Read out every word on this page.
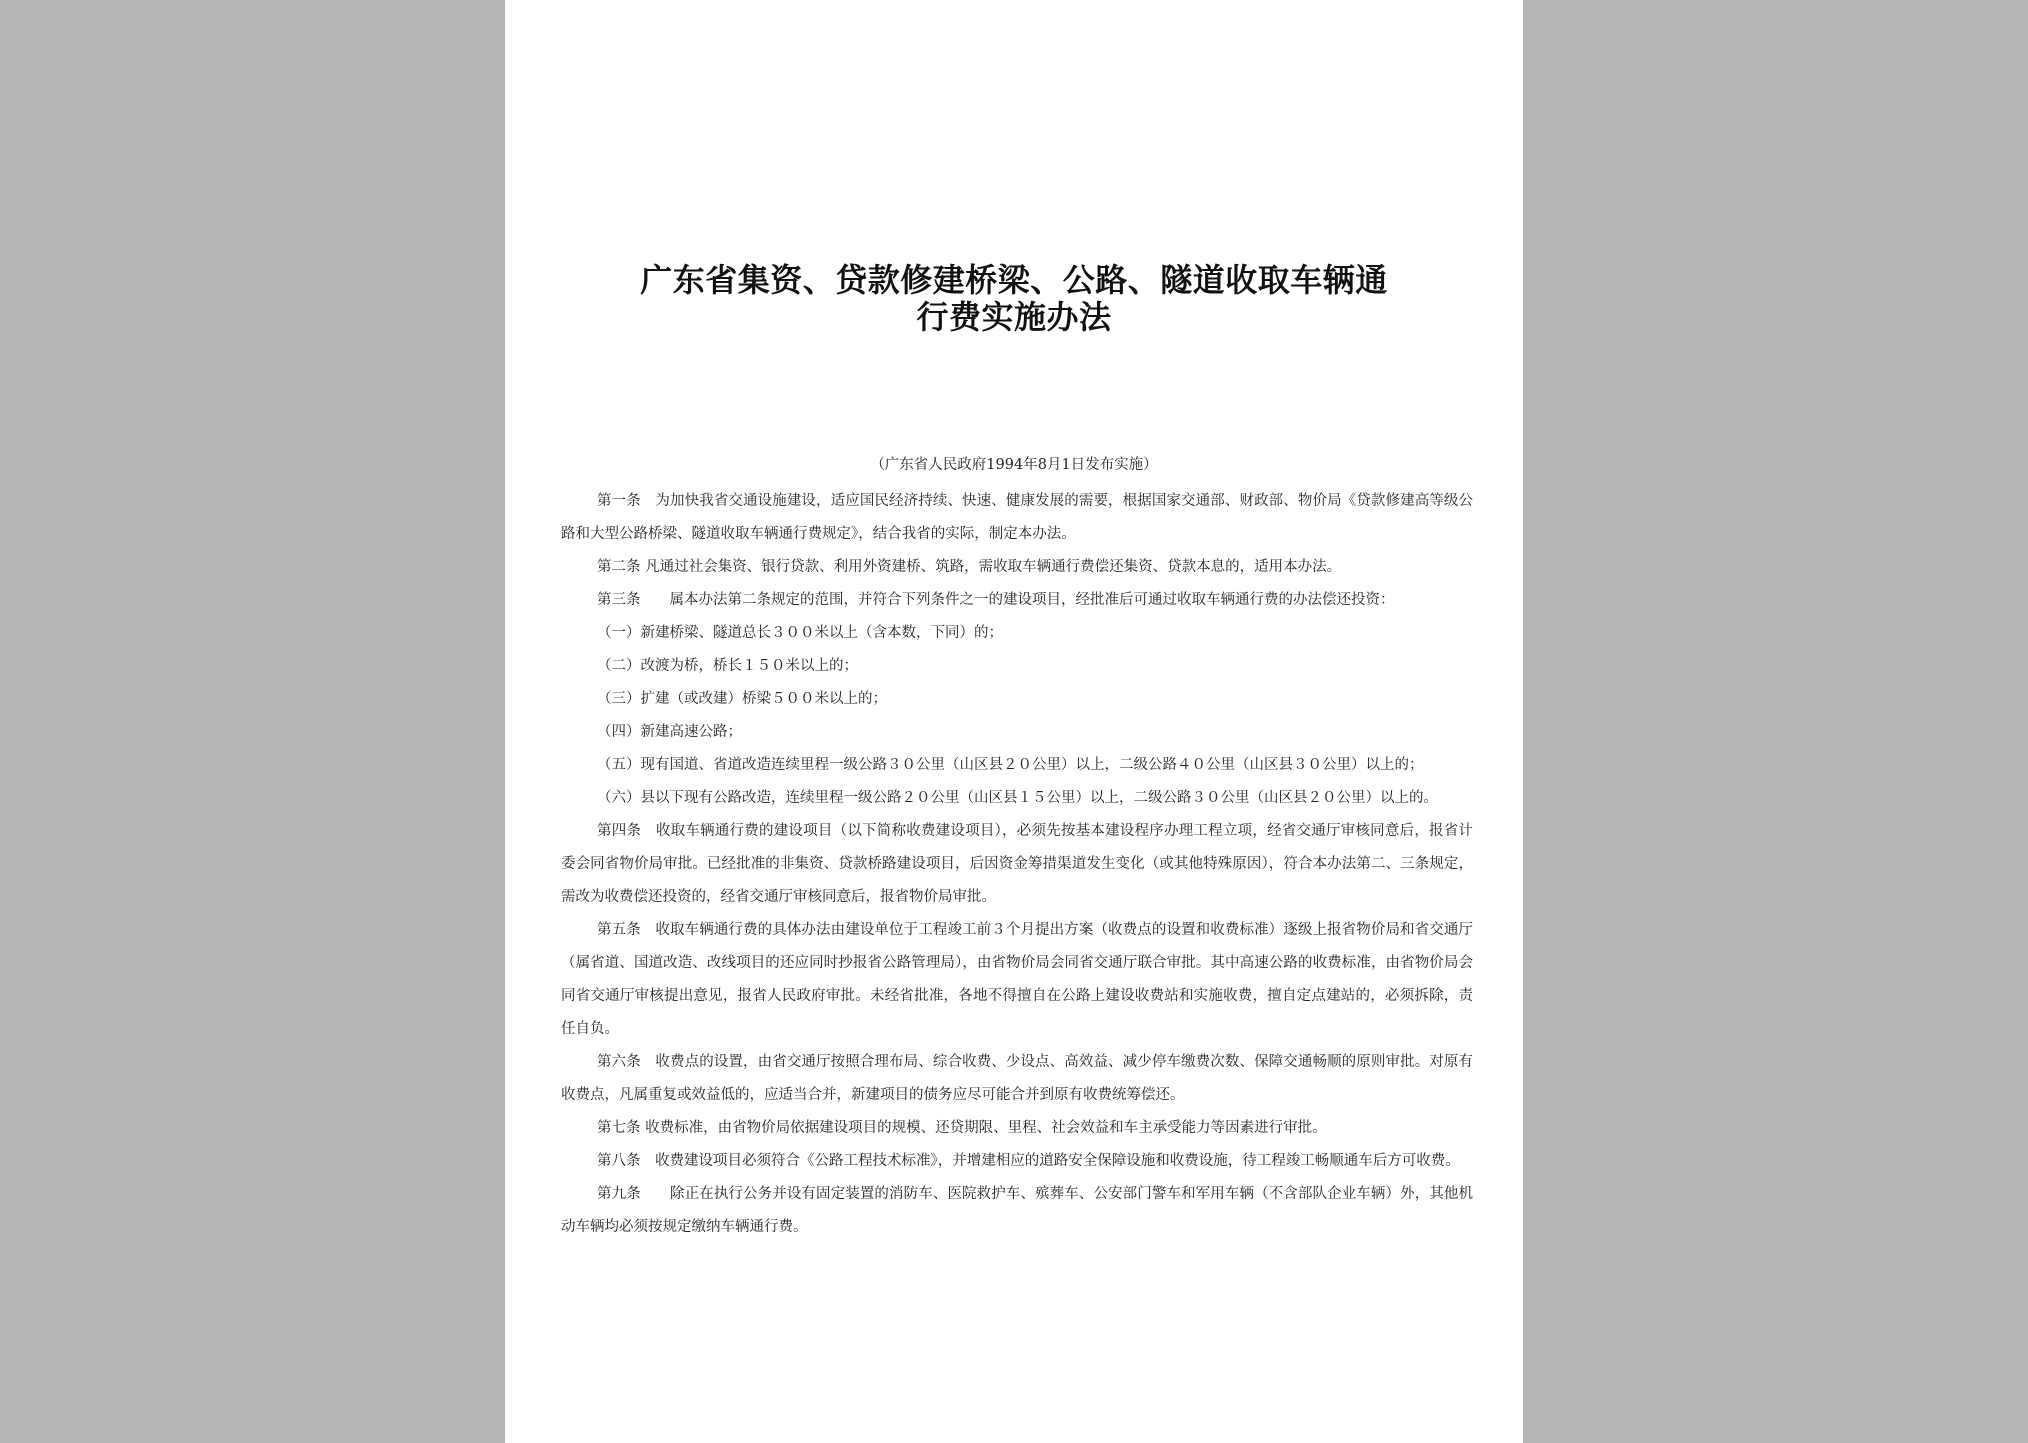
广东省集资、贷款修建桥梁、公路、隧道收取车辆通
行费实施办法
（广东省人民政府1994年8月1日发布实施）

第一条　为加快我省交通设施建设，适应国民经济持续、快速、健康发展的需要，根据国家交通部、财政部、物价局《贷款修建高等级公路和大型公路桥梁、隧道收取车辆通行费规定》，结合我省的实际，制定本办法。

第二条 凡通过社会集资、银行贷款、利用外资建桥、筑路，需收取车辆通行费偿还集资、贷款本息的，适用本办法。

第三条　　属本办法第二条规定的范围，并符合下列条件之一的建设项目，经批准后可通过收取车辆通行费的办法偿还投资：

（一）新建桥梁、隧道总长３００米以上（含本数，下同）的；

（二）改渡为桥，桥长１５０米以上的；

（三）扩建（或改建）桥梁５００米以上的；

（四）新建高速公路；

（五）现有国道、省道改造连续里程一级公路３０公里（山区县２０公里）以上，二级公路４０公里（山区县３０公里）以上的；

（六）县以下现有公路改造，连续里程一级公路２０公里（山区县１５公里）以上，二级公路３０公里（山区县２０公里）以上的。

第四条　收取车辆通行费的建设项目（以下简称收费建设项目），必须先按基本建设程序办理工程立项，经省交通厅审核同意后，报省计委会同省物价局审批。已经批准的非集资、贷款桥路建设项目，后因资金筹措渠道发生变化（或其他特殊原因），符合本办法第二、三条规定，需改为收费偿还投资的，经省交通厅审核同意后，报省物价局审批。

第五条　收取车辆通行费的具体办法由建设单位于工程竣工前３个月提出方案（收费点的设置和收费标准）逐级上报省物价局和省交通厅（属省道、国道改造、改线项目的还应同时抄报省公路管理局），由省物价局会同省交通厅联合审批。其中高速公路的收费标准，由省物价局会同省交通厅审核提出意见，报省人民政府审批。未经省批准，各地不得擅自在公路上建设收费站和实施收费，擅自定点建站的，必须拆除，责任自负。

第六条　收费点的设置，由省交通厅按照合理布局、综合收费、少设点、高效益、减少停车缴费次数、保障交通畅顺的原则审批。对原有收费点，凡属重复或效益低的，应适当合并，新建项目的债务应尽可能合并到原有收费统筹偿还。

第七条 收费标准，由省物价局依据建设项目的规模、还贷期限、里程、社会效益和车主承受能力等因素进行审批。

第八条　收费建设项目必须符合《公路工程技术标准》，并增建相应的道路安全保障设施和收费设施，待工程竣工畅顺通车后方可收费。

第九条　　除正在执行公务并设有固定装置的消防车、医院救护车、殡葬车、公安部门警车和军用车辆（不含部队企业车辆）外，其他机动车辆均必须按规定缴纳车辆通行费。
